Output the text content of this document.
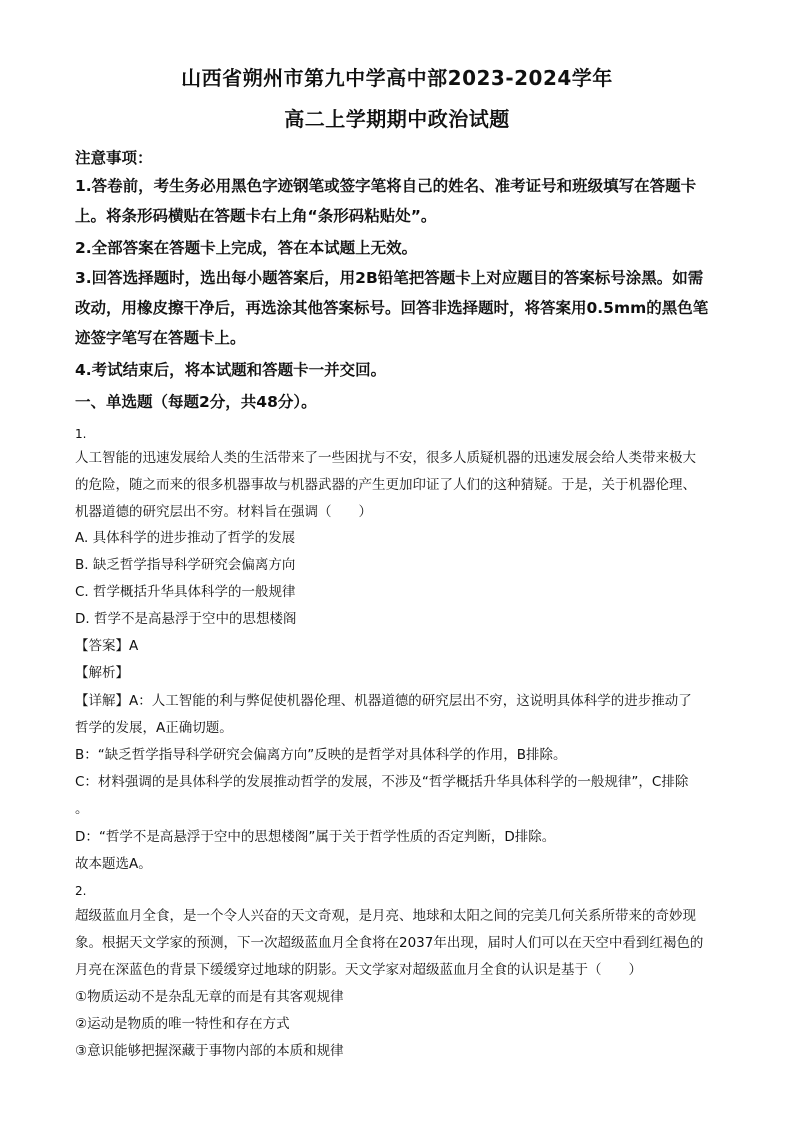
山西省朔州市第九中学高中部2023-2024学年
高二上学期期中政治试题
注意事项：
1.答卷前，考生务必用黑色字迹钢笔或签字笔将自己的姓名、准考证号和班级填写在答题卡
上。将条形码横贴在答题卡右上角“条形码粘贴处”。
2.全部答案在答题卡上完成，答在本试题上无效。
3.回答选择题时，选出每小题答案后，用2B铅笔把答题卡上对应题目的答案标号涂黑。如需
改动，用橡皮擦干净后，再选涂其他答案标号。回答非选择题时，将答案用0.5mm的黑色笔
迹签字笔写在答题卡上。
4.考试结束后，将本试题和答题卡一并交回。
一、单选题（每题2分，共48分）。
1.
人工智能的迅速发展给人类的生活带来了一些困扰与不安，很多人质疑机器的迅速发展会给人类带来极大
的危险，随之而来的很多机器事故与机器武器的产生更加印证了人们的这种猜疑。于是，关于机器伦理、
机器道德的研究层出不穷。材料旨在强调（　　）
A. 具体科学的进步推动了哲学的发展
B. 缺乏哲学指导科学研究会偏离方向
C. 哲学概括升华具体科学的一般规律
D. 哲学不是高悬浮于空中的思想楼阁
【答案】A
【解析】
【详解】A：人工智能的利与弊促使机器伦理、机器道德的研究层出不穷，这说明具体科学的进步推动了
哲学的发展，A正确切题。
B：“缺乏哲学指导科学研究会偏离方向”反映的是哲学对具体科学的作用，B排除。
C：材料强调的是具体科学的发展推动哲学的发展，不涉及“哲学概括升华具体科学的一般规律”，C排除
。
D：“哲学不是高悬浮于空中的思想楼阁”属于关于哲学性质的否定判断，D排除。
故本题选A。
2.
超级蓝血月全食，是一个令人兴奋的天文奇观，是月亮、地球和太阳之间的完美几何关系所带来的奇妙现
象。根据天文学家的预测，下一次超级蓝血月全食将在2037年出现，届时人们可以在天空中看到红褐色的
月亮在深蓝色的背景下缓缓穿过地球的阴影。天文学家对超级蓝血月全食的认识是基于（　　）
①物质运动不是杂乱无章的而是有其客观规律
②运动是物质的唯一特性和存在方式
③意识能够把握深藏于事物内部的本质和规律
